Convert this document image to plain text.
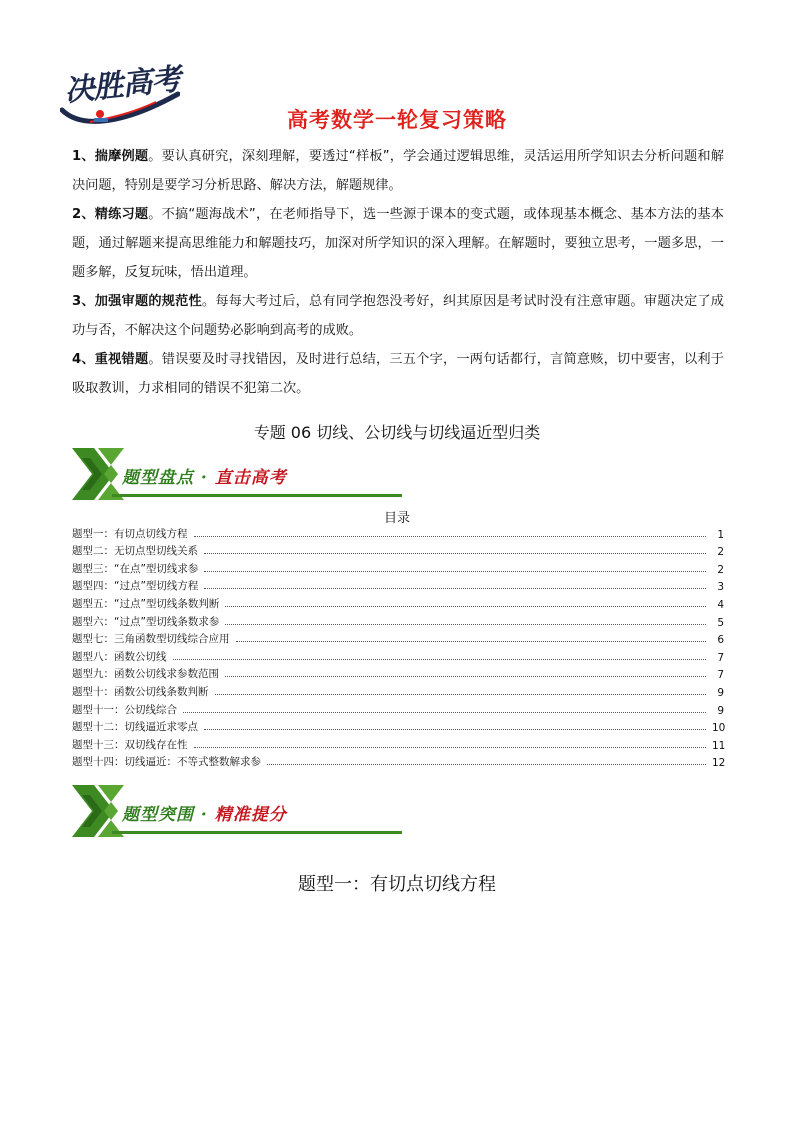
决胜高考
高考数学一轮复习策略

1、揣摩例题。要认真研究，深刻理解，要透过“样板”，学会通过逻辑思维，灵活运用所学知识去分析问题和解决问题，特别是要学习分析思路、解决方法，解题规律。

2、精练习题。不搞“题海战术”，在老师指导下，选一些源于课本的变式题，或体现基本概念、基本方法的基本题，通过解题来提高思维能力和解题技巧，加深对所学知识的深入理解。在解题时，要独立思考，一题多思，一题多解，反复玩味，悟出道理。

3、加强审题的规范性。每每大考过后，总有同学抱怨没考好，纠其原因是考试时没有注意审题。审题决定了成功与否，不解决这个问题势必影响到高考的成败。

4、重视错题。错误要及时寻找错因，及时进行总结，三五个字，一两句话都行，言简意赅，切中要害，以利于吸取教训，力求相同的错误不犯第二次。

专题 06 切线、公切线与切线逼近型归类
题型盘点 · 直击高考
目录
题型一：有切点切线方程	1
题型二：无切点型切线关系	2
题型三：“在点”型切线求参	2
题型四：“过点”型切线方程	3
题型五：“过点”型切线条数判断	4
题型六：“过点”型切线条数求参	5
题型七：三角函数型切线综合应用	6
题型八：函数公切线	7
题型九：函数公切线求参数范围	7
题型十：函数公切线条数判断	9
题型十一：公切线综合	9
题型十二：切线逼近求零点	10
题型十三：双切线存在性	11
题型十四：切线逼近：不等式整数解求参	12
题型突围 · 精准提分
题型一：有切点切线方程
